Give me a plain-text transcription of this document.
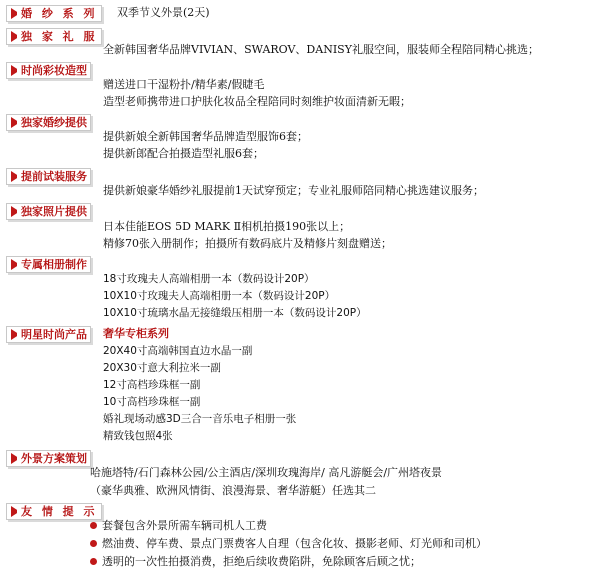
婚 纱 系 列	双季节义外景(2天)
独 家 礼 服
全新韩国奢华品牌VIVIAN、SWAROV、DANISY礼服空间，服装师全程陪同精心挑选；
时尚彩妆造型
赠送进口干湿粉扑/精华素/假睫毛
造型老师携带进口护肤化妆品全程陪同时刻维护妆面清新无暇；
独家婚纱提供
提供新娘全新韩国奢华品牌造型服饰6套；
提供新郎配合拍摄造型礼服6套；
提前试装服务
提供新娘豪华婚纱礼服提前1天试穿预定；专业礼服师陪同精心挑选建议服务；
独家照片提供
日本佳能EOS 5D MARK Ⅱ相机拍摄190张以上；
精修70张入册制作；拍摄所有数码底片及精修片刻盘赠送；
专属相册制作
18寸玫瑰夫人高端相册一本（数码设计20P）
10X10寸玫瑰夫人高端相册一本（数码设计20P）
10X10寸琉璃水晶无接缝缎压相册一本（数码设计20P）
明星时尚产品	奢华专柜系列
20X40寸高端韩国直边水晶一副
20X30寸意大利拉米一副
12寸高档珍珠框一副
10寸高档珍珠框一副
婚礼现场动感3D三合一音乐电子相册一张
精致钱包照4张
外景方案策划
哈施塔特/石门森林公园/公主酒店/深圳玫瑰海岸/ 高凡游艇会/广州塔夜景
（豪华典雅、欧洲风情街、浪漫海景、奢华游艇）任选其二
友 情 提 示
套餐包含外景所需车辆司机人工费
燃油费、停车费、景点门票费客人自理（包含化妆、摄影老师、灯光师和司机）
透明的一次性拍摄消费，拒绝后续收费陷阱，免除顾客后顾之忧；
